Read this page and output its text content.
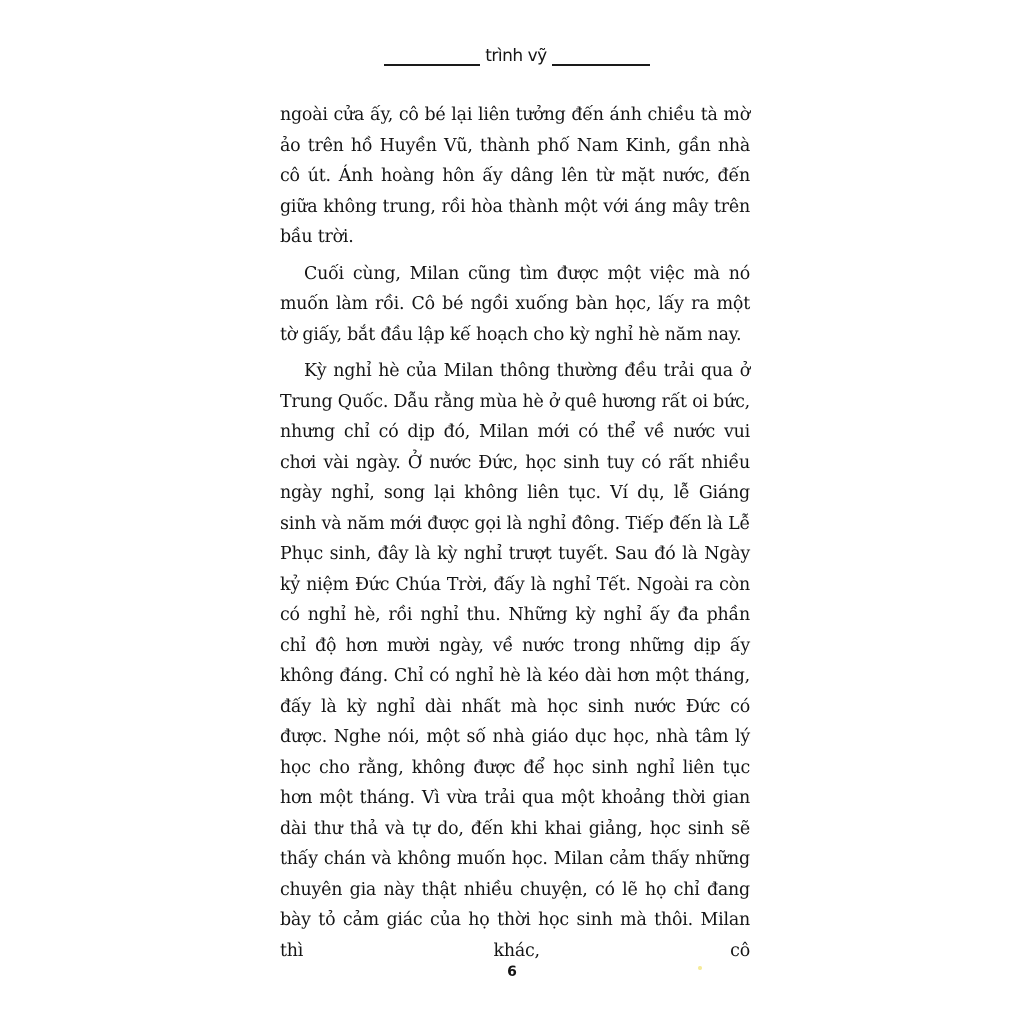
trình vỹ

ngoài cửa ấy, cô bé lại liên tưởng đến ánh chiều tà mờ ảo trên hồ Huyền Vũ, thành phố Nam Kinh, gần nhà cô út. Ánh hoàng hôn ấy dâng lên từ mặt nước, đến giữa không trung, rồi hòa thành một với áng mây trên bầu trời.

Cuối cùng, Milan cũng tìm được một việc mà nó muốn làm rồi. Cô bé ngồi xuống bàn học, lấy ra một tờ giấy, bắt đầu lập kế hoạch cho kỳ nghỉ hè năm nay.

Kỳ nghỉ hè của Milan thông thường đều trải qua ở Trung Quốc. Dẫu rằng mùa hè ở quê hương rất oi bức, nhưng chỉ có dịp đó, Milan mới có thể về nước vui chơi vài ngày. Ở nước Đức, học sinh tuy có rất nhiều ngày nghỉ, song lại không liên tục. Ví dụ, lễ Giáng sinh và năm mới được gọi là nghỉ đông. Tiếp đến là Lễ Phục sinh, đây là kỳ nghỉ trượt tuyết. Sau đó là Ngày kỷ niệm Đức Chúa Trời, đấy là nghỉ Tết. Ngoài ra còn có nghỉ hè, rồi nghỉ thu. Những kỳ nghỉ ấy đa phần chỉ độ hơn mười ngày, về nước trong những dịp ấy không đáng. Chỉ có nghỉ hè là kéo dài hơn một tháng, đấy là kỳ nghỉ dài nhất mà học sinh nước Đức có được. Nghe nói, một số nhà giáo dục học, nhà tâm lý học cho rằng, không được để học sinh nghỉ liên tục hơn một tháng. Vì vừa trải qua một khoảng thời gian dài thư thả và tự do, đến khi khai giảng, học sinh sẽ thấy chán và không muốn học. Milan cảm thấy những chuyên gia này thật nhiều chuyện, có lẽ họ chỉ đang bày tỏ cảm giác của họ thời học sinh mà thôi. Milan thì khác, cô

6
